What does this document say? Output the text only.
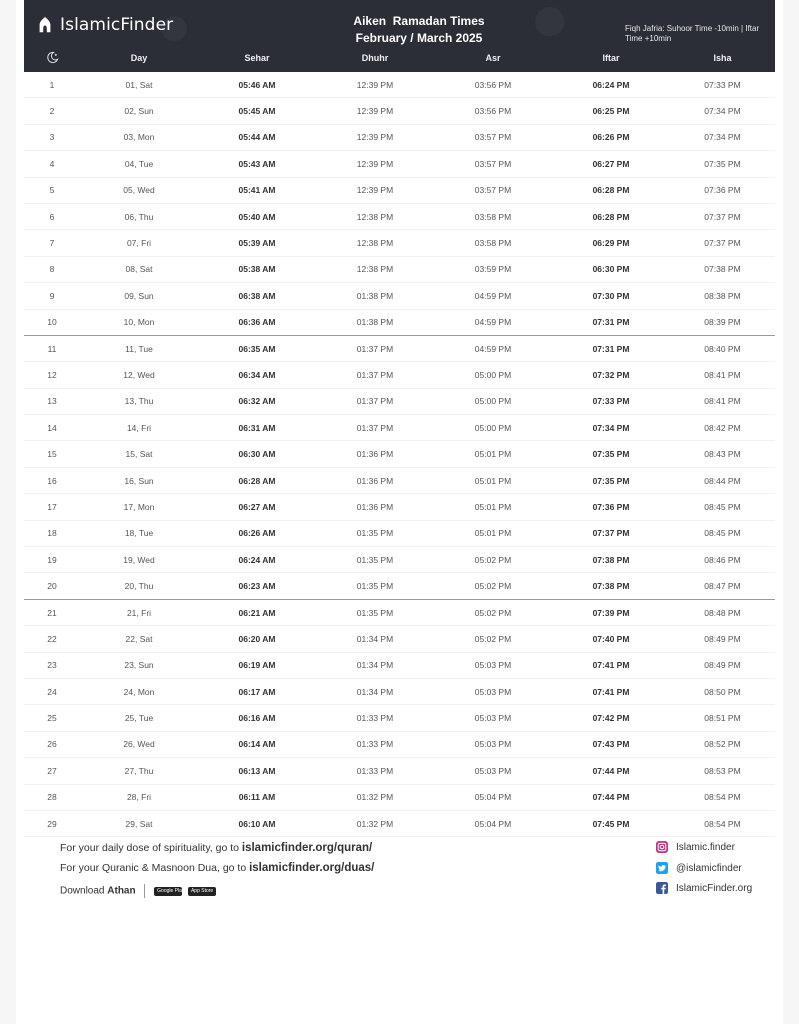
IslamicFinder	Aiken  Ramadan Times
February / March 2025
Fiqh Jafria: Suhoor Time -10min | Iftar Time +10min
Day	Sehar	Dhuhr	Asr	Iftar	Isha
1	01, Sat	05:46 AM	12:39 PM	03:56 PM	06:24 PM	07:33 PM
2	02, Sun	05:45 AM	12:39 PM	03:56 PM	06:25 PM	07:34 PM
3	03, Mon	05:44 AM	12:39 PM	03:57 PM	06:26 PM	07:34 PM
4	04, Tue	05:43 AM	12:39 PM	03:57 PM	06:27 PM	07:35 PM
5	05, Wed	05:41 AM	12:39 PM	03:57 PM	06:28 PM	07:36 PM
6	06, Thu	05:40 AM	12:38 PM	03:58 PM	06:28 PM	07:37 PM
7	07, Fri	05:39 AM	12:38 PM	03:58 PM	06:29 PM	07:37 PM
8	08, Sat	05:38 AM	12:38 PM	03:59 PM	06:30 PM	07:38 PM
9	09, Sun	06:38 AM	01:38 PM	04:59 PM	07:30 PM	08:38 PM
10	10, Mon	06:36 AM	01:38 PM	04:59 PM	07:31 PM	08:39 PM
11	11, Tue	06:35 AM	01:37 PM	04:59 PM	07:31 PM	08:40 PM
12	12, Wed	06:34 AM	01:37 PM	05:00 PM	07:32 PM	08:41 PM
13	13, Thu	06:32 AM	01:37 PM	05:00 PM	07:33 PM	08:41 PM
14	14, Fri	06:31 AM	01:37 PM	05:00 PM	07:34 PM	08:42 PM
15	15, Sat	06:30 AM	01:36 PM	05:01 PM	07:35 PM	08:43 PM
16	16, Sun	06:28 AM	01:36 PM	05:01 PM	07:35 PM	08:44 PM
17	17, Mon	06:27 AM	01:36 PM	05:01 PM	07:36 PM	08:45 PM
18	18, Tue	06:26 AM	01:35 PM	05:01 PM	07:37 PM	08:45 PM
19	19, Wed	06:24 AM	01:35 PM	05:02 PM	07:38 PM	08:46 PM
20	20, Thu	06:23 AM	01:35 PM	05:02 PM	07:38 PM	08:47 PM
21	21, Fri	06:21 AM	01:35 PM	05:02 PM	07:39 PM	08:48 PM
22	22, Sat	06:20 AM	01:34 PM	05:02 PM	07:40 PM	08:49 PM
23	23, Sun	06:19 AM	01:34 PM	05:03 PM	07:41 PM	08:49 PM
24	24, Mon	06:17 AM	01:34 PM	05:03 PM	07:41 PM	08:50 PM
25	25, Tue	06:16 AM	01:33 PM	05:03 PM	07:42 PM	08:51 PM
26	26, Wed	06:14 AM	01:33 PM	05:03 PM	07:43 PM	08:52 PM
27	27, Thu	06:13 AM	01:33 PM	05:03 PM	07:44 PM	08:53 PM
28	28, Fri	06:11 AM	01:32 PM	05:04 PM	07:44 PM	08:54 PM
29	29, Sat	06:10 AM	01:32 PM	05:04 PM	07:45 PM	08:54 PM
For your daily dose of spirituality, go to islamicfinder.org/quran/
For your Quranic & Masnoon Dua, go to islamicfinder.org/duas/
Download Athan	Google Play
App Store
Islamic.finder
@islamicfinder
IslamicFinder.org
